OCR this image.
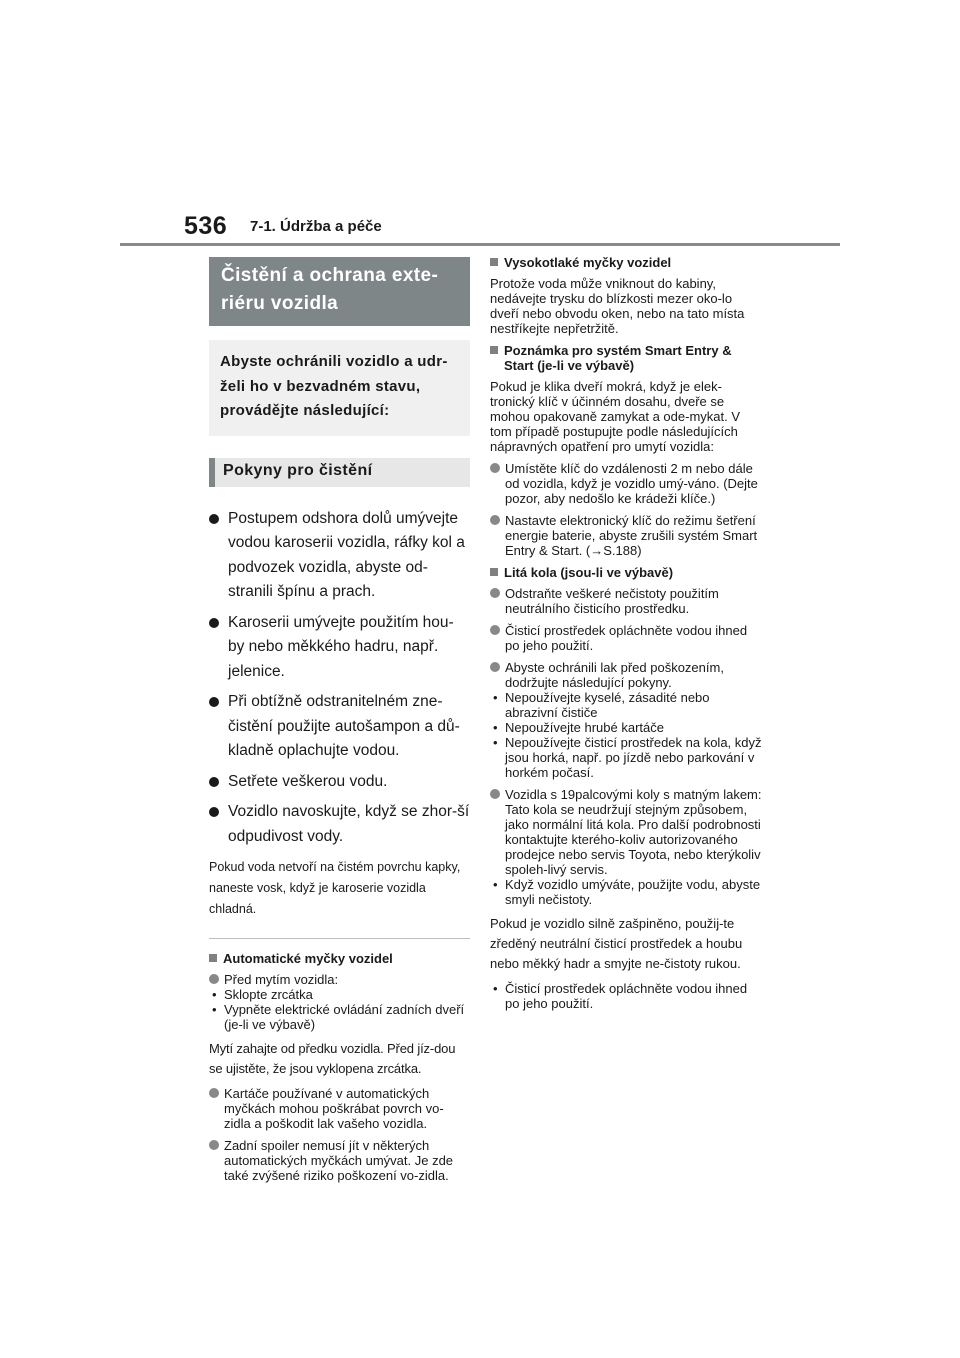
536 7-1. Údržba a péče
Čistění a ochrana exte-riéru vozidla
Abyste ochránili vozidlo a udr-želi ho v bezvadném stavu, provádějte následující:
Pokyny pro čistění
Postupem odshora dolů umývejte vodou karoserii vozidla, ráfky kol a podvozek vozidla, abyste od-stranili špínu a prach.
Karoserii umývejte použitím hou-by nebo měkkého hadru, např. jelenice.
Při obtížně odstranitelném zne-čistění použijte autošampon a dů-kladně oplachujte vodou.
Setřete veškerou vodu.
Vozidlo navoskujte, když se zhor-ší odpudivost vody.
Pokud voda netvoří na čistém povrchu kapky, naneste vosk, když je karoserie vozidla chladná.
Automatické myčky vozidel
Před mytím vozidla:
• Sklopte zrcátka
• Vypněte elektrické ovládání zadních dveří (je-li ve výbavě)
Mytí zahajte od předku vozidla. Před jíz-dou se ujistěte, že jsou vyklopena zrcátka.
Kartáče používané v automatických myčkách mohou poškrábat povrch vo-zidla a poškodit lak vašeho vozidla.
Zadní spoiler nemusí jít v některých automatických myčkách umývat. Je zde také zvýšené riziko poškození vo-zidla.
Vysokotlaké myčky vozidel
Protože voda může vniknout do kabiny, nedávejte trysku do blízkosti mezer oko-lo dveří nebo obvodu oken, nebo na tato místa nestříkejte nepřetržitě.
Poznámka pro systém Smart Entry & Start (je-li ve výbavě)
Pokud je klika dveří mokrá, když je elek-tronický klíč v účinném dosahu, dveře se mohou opakovaně zamykat a ode-mykat. V tom případě postupujte podle následujících nápravných opatření pro umytí vozidla:
Umístěte klíč do vzdálenosti 2 m nebo dále od vozidla, když je vozidlo umý-váno. (Dejte pozor, aby nedošlo ke krádeži klíče.)
Nastavte elektronický klíč do režimu šetření energie baterie, abyste zrušili systém Smart Entry & Start. (→S.188)
Litá kola (jsou-li ve výbavě)
Odstraňte veškeré nečistoty použitím neutrálního čisticího prostředku.
Čisticí prostředek opláchněte vodou ihned po jeho použití.
Abyste ochránili lak před poškozením, dodržujte následující pokyny.
• Nepoužívejte kyselé, zásadité nebo abrazivní čističe
• Nepoužívejte hrubé kartáče
• Nepoužívejte čisticí prostředek na kola, když jsou horká, např. po jízdě nebo parkování v horkém počasí.
Vozidla s 19palcovými koly s matným lakem: Tato kola se neudržují stejným způsobem, jako normální litá kola. Pro další podrobnosti kontaktujte kterého-koliv autorizovaného prodejce nebo servis Toyota, nebo kterýkoliv spoleh-livý servis.
• Když vozidlo umýváte, použijte vodu, abyste smyli nečistoty.
Pokud je vozidlo silně zašpiněno, použij-te zředěný neutrální čisticí prostředek a houbu nebo měkký hadr a smyjte ne-čistoty rukou.
• Čisticí prostředek opláchněte vodou ihned po jeho použití.
